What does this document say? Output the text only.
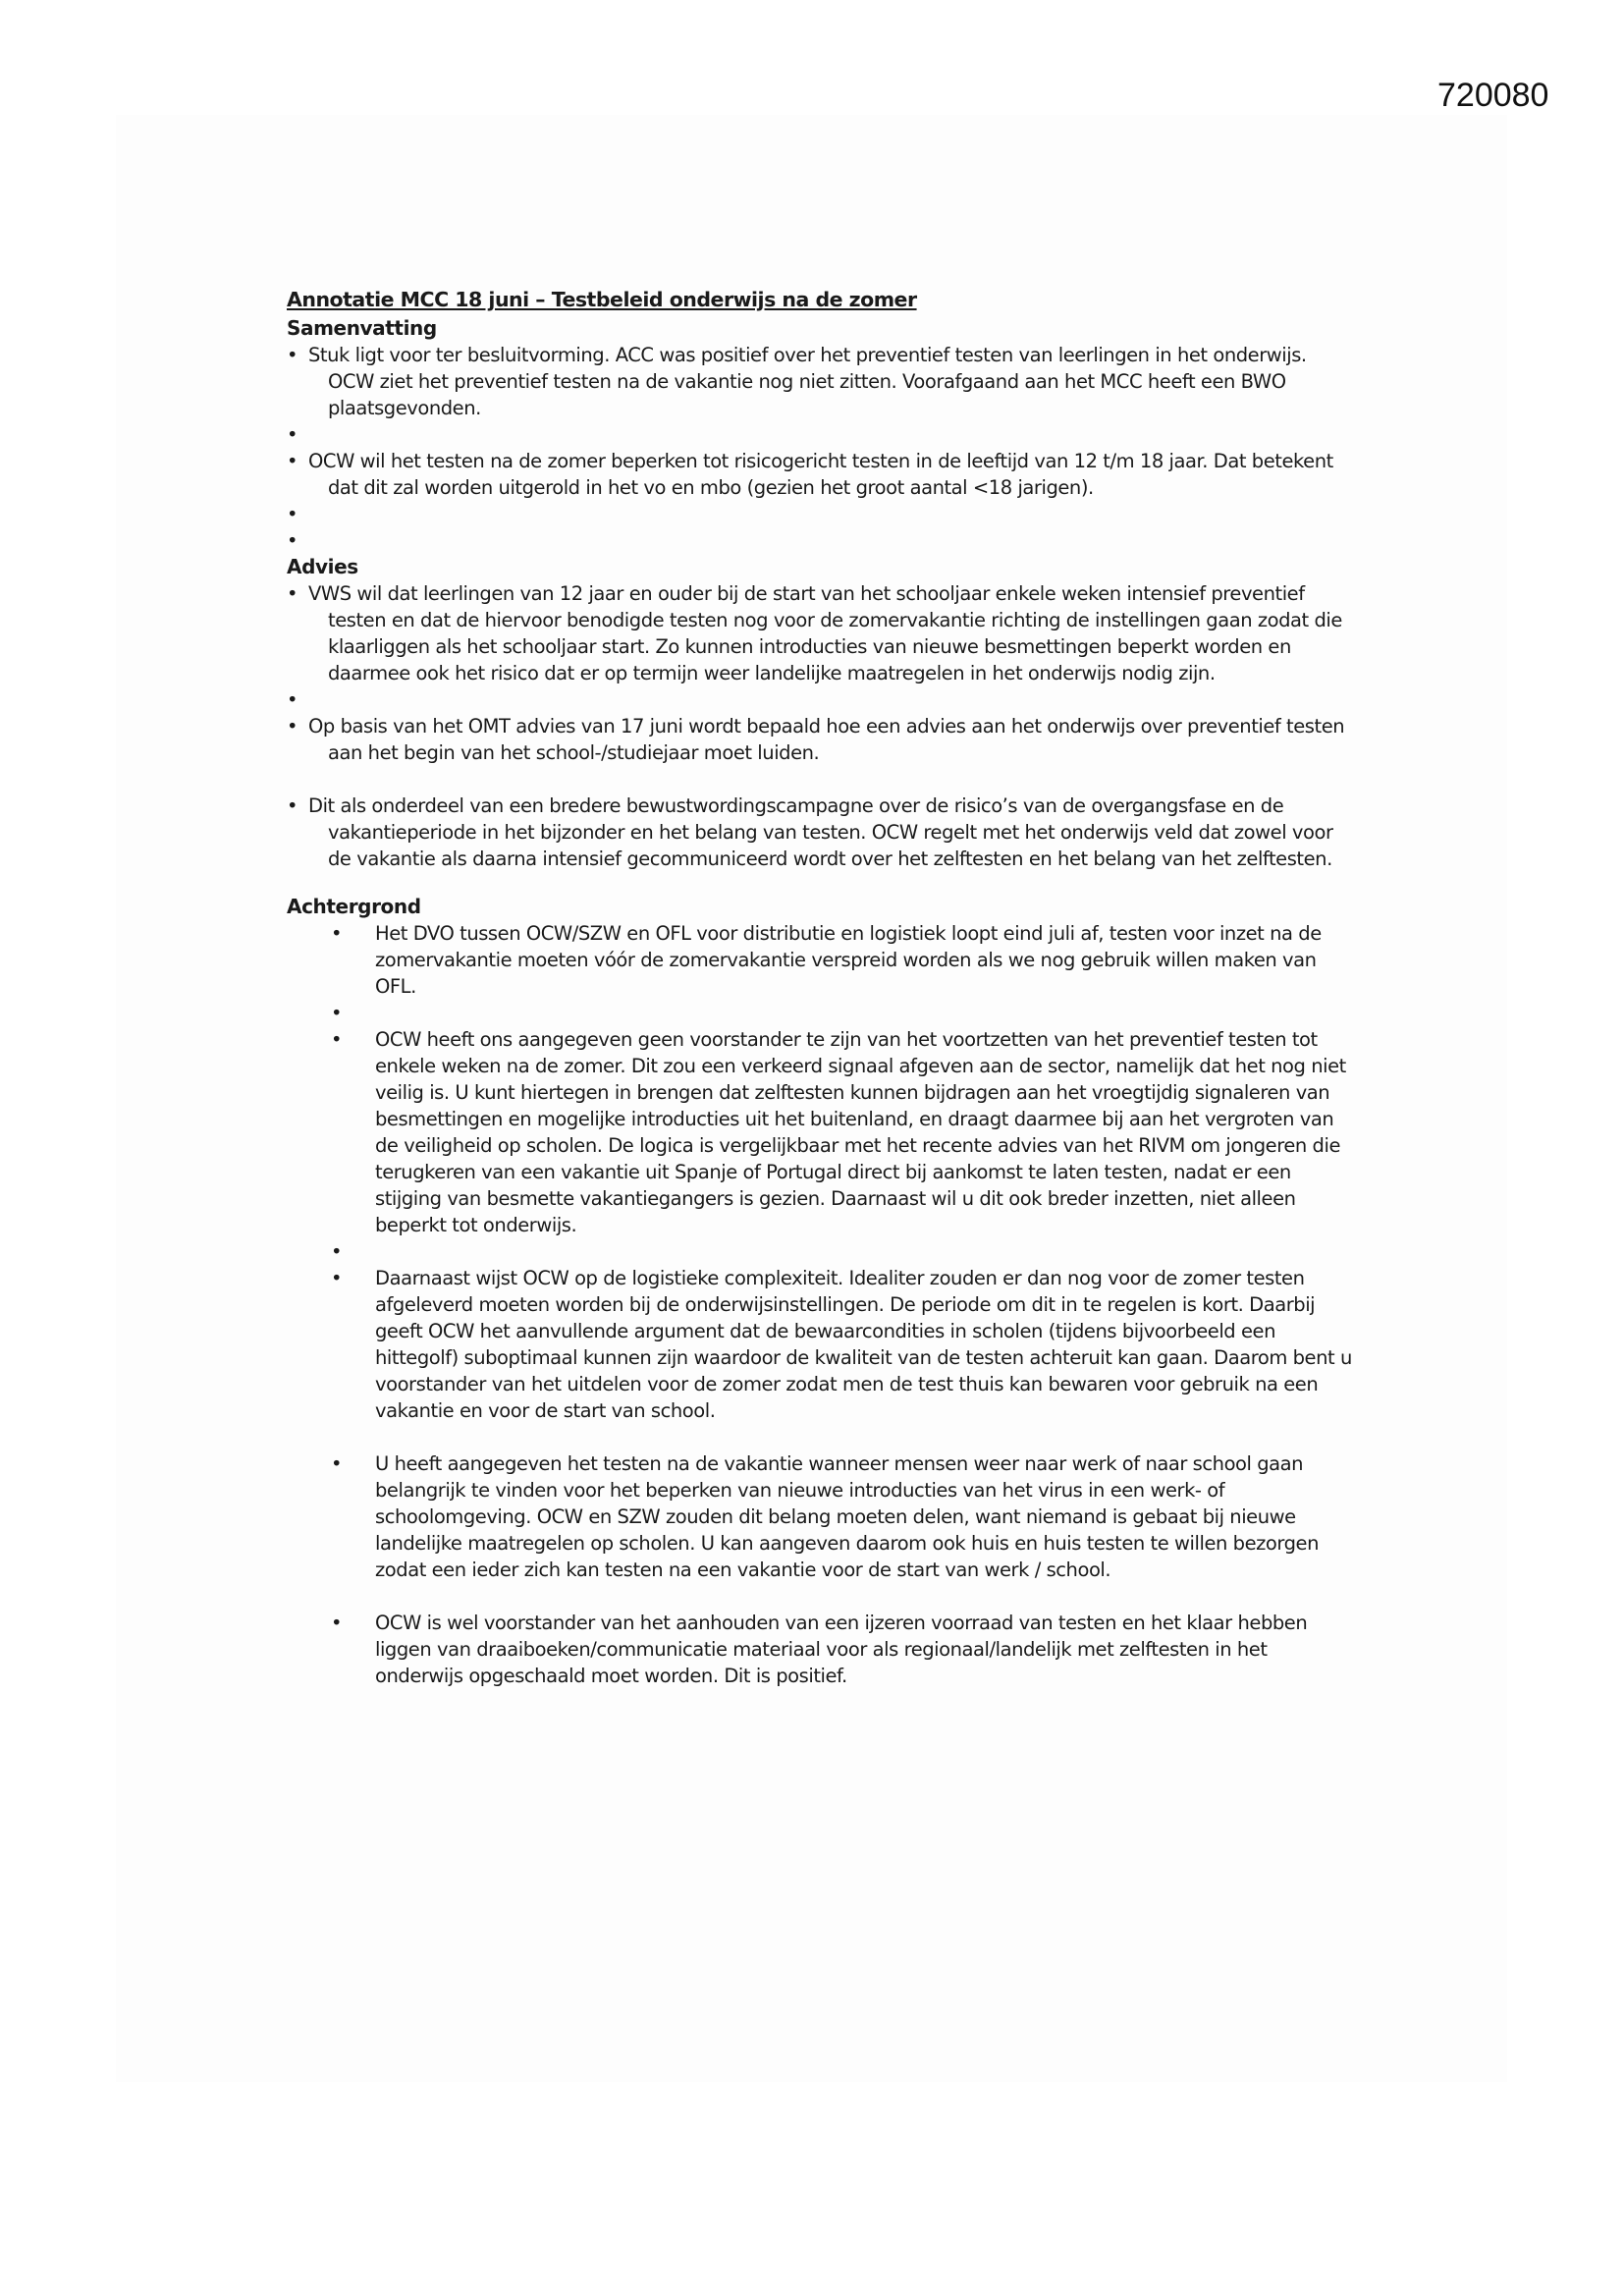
720080
Annotatie MCC 18 juni – Testbeleid onderwijs na de zomer
Samenvatting
• Stuk ligt voor ter besluitvorming. ACC was positief over het preventief testen van leerlingen in het onderwijs. OCW ziet het preventief testen na de vakantie nog niet zitten. Voorafgaand aan het MCC heeft een BWO plaatsgevonden.
•
• OCW wil het testen na de zomer beperken tot risicogericht testen in de leeftijd van 12 t/m 18 jaar. Dat betekent dat dit zal worden uitgerold in het vo en mbo (gezien het groot aantal <18 jarigen).
•
•
Advies
• VWS wil dat leerlingen van 12 jaar en ouder bij de start van het schooljaar enkele weken intensief preventief testen en dat de hiervoor benodigde testen nog voor de zomervakantie richting de instellingen gaan zodat die klaarliggen als het schooljaar start. Zo kunnen introducties van nieuwe besmettingen beperkt worden en daarmee ook het risico dat er op termijn weer landelijke maatregelen in het onderwijs nodig zijn.
•
• Op basis van het OMT advies van 17 juni wordt bepaald hoe een advies aan het onderwijs over preventief testen aan het begin van het school-/studiejaar moet luiden.
• Dit als onderdeel van een bredere bewustwordingscampagne over de risico’s van de overgangsfase en de vakantieperiode in het bijzonder en het belang van testen. OCW regelt met het onderwijs veld dat zowel voor de vakantie als daarna intensief gecommuniceerd wordt over het zelftesten en het belang van het zelftesten.
Achtergrond
• Het DVO tussen OCW/SZW en OFL voor distributie en logistiek loopt eind juli af, testen voor inzet na de zomervakantie moeten vóór de zomervakantie verspreid worden als we nog gebruik willen maken van OFL.
•
• OCW heeft ons aangegeven geen voorstander te zijn van het voortzetten van het preventief testen tot enkele weken na de zomer. Dit zou een verkeerd signaal afgeven aan de sector, namelijk dat het nog niet veilig is. U kunt hiertegen in brengen dat zelftesten kunnen bijdragen aan het vroegtijdig signaleren van besmettingen en mogelijke introducties uit het buitenland, en draagt daarmee bij aan het vergroten van de veiligheid op scholen. De logica is vergelijkbaar met het recente advies van het RIVM om jongeren die terugkeren van een vakantie uit Spanje of Portugal direct bij aankomst te laten testen, nadat er een stijging van besmette vakantiegangers is gezien. Daarnaast wil u dit ook breder inzetten, niet alleen beperkt tot onderwijs.
•
• Daarnaast wijst OCW op de logistieke complexiteit. Idealiter zouden er dan nog voor de zomer testen afgeleverd moeten worden bij de onderwijsinstellingen. De periode om dit in te regelen is kort. Daarbij geeft OCW het aanvullende argument dat de bewaarcondities in scholen (tijdens bijvoorbeeld een hittegolf) suboptimaal kunnen zijn waardoor de kwaliteit van de testen achteruit kan gaan. Daarom bent u voorstander van het uitdelen voor de zomer zodat men de test thuis kan bewaren voor gebruik na een vakantie en voor de start van school.
• U heeft aangegeven het testen na de vakantie wanneer mensen weer naar werk of naar school gaan belangrijk te vinden voor het beperken van nieuwe introducties van het virus in een werk- of schoolomgeving. OCW en SZW zouden dit belang moeten delen, want niemand is gebaat bij nieuwe landelijke maatregelen op scholen. U kan aangeven daarom ook huis en huis testen te willen bezorgen zodat een ieder zich kan testen na een vakantie voor de start van werk / school.
• OCW is wel voorstander van het aanhouden van een ijzeren voorraad van testen en het klaar hebben liggen van draaiboeken/communicatie materiaal voor als regionaal/landelijk met zelftesten in het onderwijs opgeschaald moet worden. Dit is positief.
